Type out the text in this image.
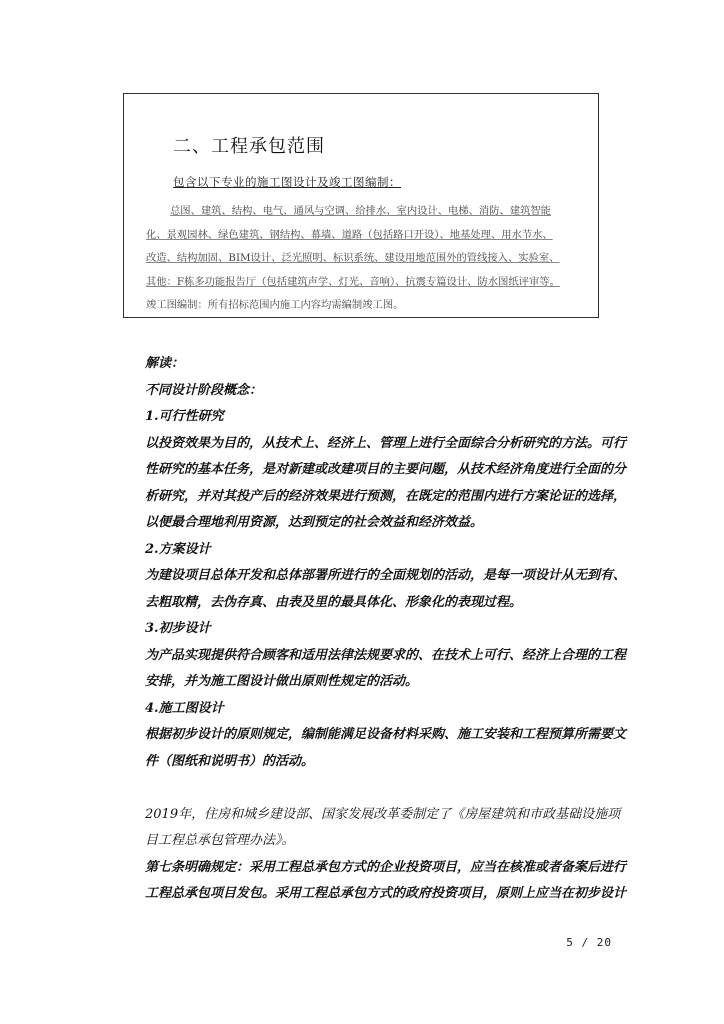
二、工程承包范围
包含以下专业的施工图设计及竣工图编制：
总图、建筑、结构、电气、通风与空调、给排水、室内设计、电梯、消防、建筑智能
化、景观园林、绿色建筑、钢结构、幕墙、道路（包括路口开设）、地基处理、用水节水、
改造、结构加固、BIM设计、泛光照明、标识系统、建设用地范围外的管线接入、实验室、
其他：F栋多功能报告厅（包括建筑声学、灯光、音响）、抗震专篇设计、防水图纸评审等。
竣工图编制：所有招标范围内施工内容均需编制竣工图。
解读：
不同设计阶段概念：
1.可行性研究
以投资效果为目的，从技术上、经济上、管理上进行全面综合分析研究的方法。可行
性研究的基本任务，是对新建或改建项目的主要问题，从技术经济角度进行全面的分
析研究，并对其投产后的经济效果进行预测，在既定的范围内进行方案论证的选择，
以便最合理地利用资源，达到预定的社会效益和经济效益。
2.方案设计
为建设项目总体开发和总体部署所进行的全面规划的活动，是每一项设计从无到有、
去粗取精，去伪存真、由表及里的最具体化、形象化的表现过程。
3.初步设计
为产品实现提供符合顾客和适用法律法规要求的、在技术上可行、经济上合理的工程
安排，并为施工图设计做出原则性规定的活动。
4.施工图设计
根据初步设计的原则规定，编制能满足设备材料采购、施工安装和工程预算所需要文
件（图纸和说明书）的活动。
2019年，住房和城乡建设部、国家发展改革委制定了《房屋建筑和市政基础设施项
目工程总承包管理办法》。
第七条明确规定：采用工程总承包方式的企业投资项目，应当在核准或者备案后进行
工程总承包项目发包。采用工程总承包方式的政府投资项目，原则上应当在初步设计
5 / 20
